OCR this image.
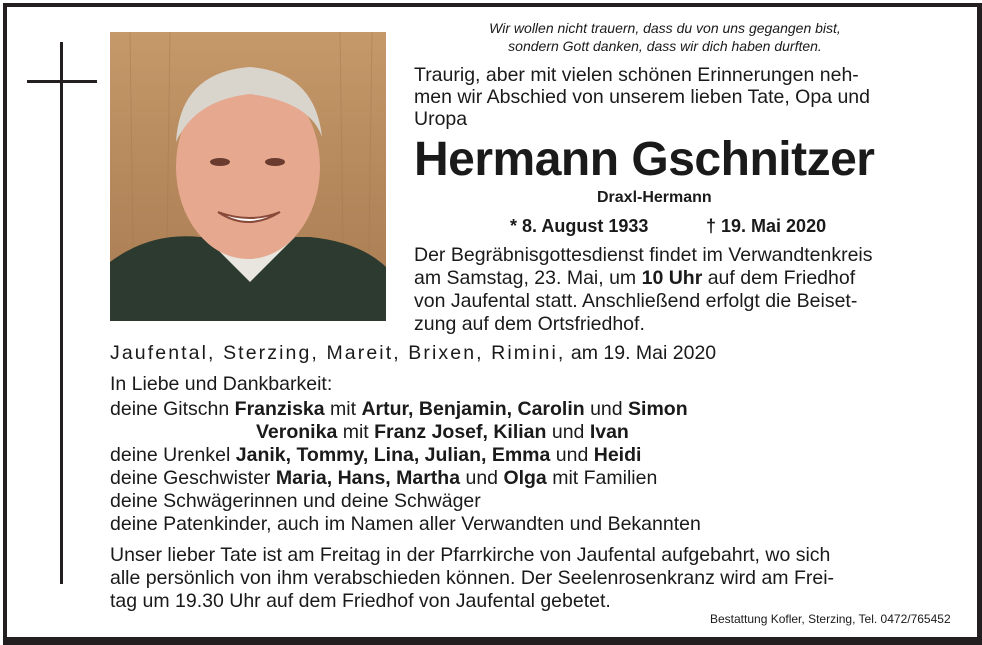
Wir wollen nicht trauern, dass du von uns gegangen bist,

sondern Gott danken, dass wir dich haben durften.

Traurig, aber mit vielen schönen Erinnerungen neh-

men wir Abschied von unserem lieben Tate, Opa und

Uropa

Hermann Gschnitzer

Draxl-Hermann

* 8. August 1933	† 19. Mai 2020

Der Begräbnisgottesdienst findet im Verwandtenkreis

am Samstag, 23. Mai, um 10 Uhr auf dem Friedhof

von Jaufental statt. Anschließend erfolgt die Beiset-

zung auf dem Ortsfriedhof.

Jaufental, Sterzing, Mareit, Brixen, Rimini, am 19. Mai 2020

In Liebe und Dankbarkeit:

deine Gitschn Franziska mit Artur, Benjamin, Carolin und Simon

Veronika mit Franz Josef, Kilian und Ivan

deine Urenkel Janik, Tommy, Lina, Julian, Emma und Heidi

deine Geschwister Maria, Hans, Martha und Olga mit Familien

deine Schwägerinnen und deine Schwäger

deine Patenkinder, auch im Namen aller Verwandten und Bekannten

Unser lieber Tate ist am Freitag in der Pfarrkirche von Jaufental aufgebahrt, wo sich

alle persönlich von ihm verabschieden können. Der Seelenrosenkranz wird am Frei-

tag um 19.30 Uhr auf dem Friedhof von Jaufental gebetet.

Bestattung Kofler, Sterzing, Tel. 0472/765452
